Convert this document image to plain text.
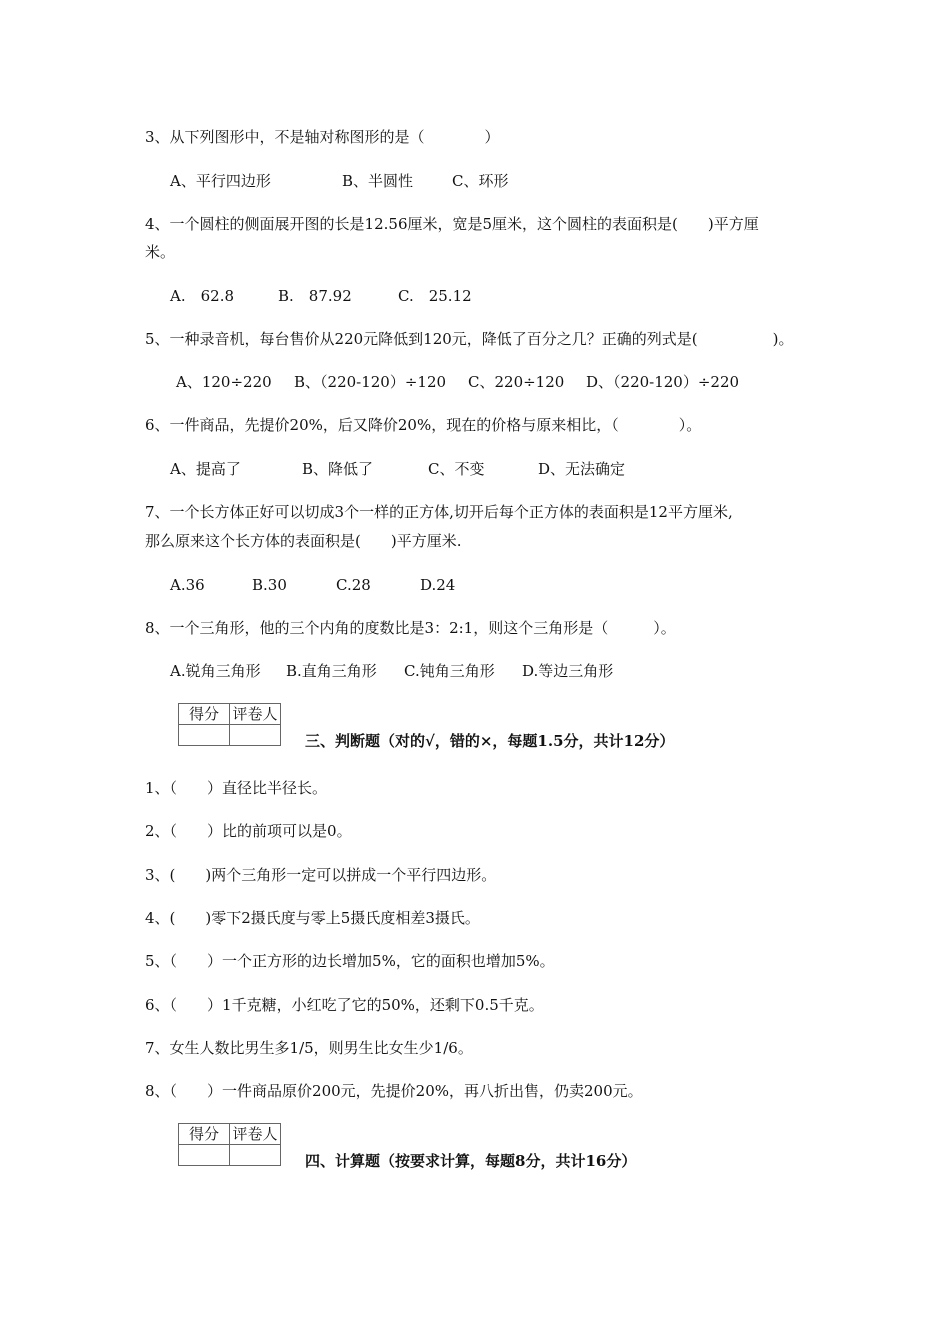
3、从下列图形中，不是轴对称图形的是（　　　　）
A、平行四边形	B、半圆性	C、环形
4、一个圆柱的侧面展开图的长是12.56厘米，宽是5厘米，这个圆柱的表面积是(　　)平方厘
米。
A.　62.8	B.　87.92	C.　25.12
5、一种录音机，每台售价从220元降低到120元，降低了百分之几？正确的列式是(　　　　　)。
A、120÷220 B、（220-120）÷120 C、220÷120 D、（220-120）÷220
6、一件商品，先提价20%，后又降价20%，现在的价格与原来相比，（　　　　）。
A、提高了	B、降低了	C、不变	D、无法确定
7、一个长方体正好可以切成3个一样的正方体,切开后每个正方体的表面积是12平方厘米,
那么原来这个长方体的表面积是(　　)平方厘米.
A.36	B.30	C.28	D.24
8、一个三角形，他的三个内角的度数比是3：2:1，则这个三角形是（　　　）。
A.锐角三角形 B.直角三角形 C.钝角三角形 D.等边三角形
得分	评卷人

三、判断题（对的√，错的×，每题1.5分，共计12分）
1、（　　）直径比半径长。
2、（　　）比的前项可以是0。
3、(　　)两个三角形一定可以拼成一个平行四边形。
4、(　　)零下2摄氏度与零上5摄氏度相差3摄氏。
5、（　　）一个正方形的边长增加5%，它的面积也增加5%。
6、（　　）1千克糖，小红吃了它的50%，还剩下0.5千克。
7、女生人数比男生多1/5，则男生比女生少1/6。
8、（　　）一件商品原价200元，先提价20%，再八折出售，仍卖200元。
得分	评卷人

四、计算题（按要求计算，每题8分，共计16分）
